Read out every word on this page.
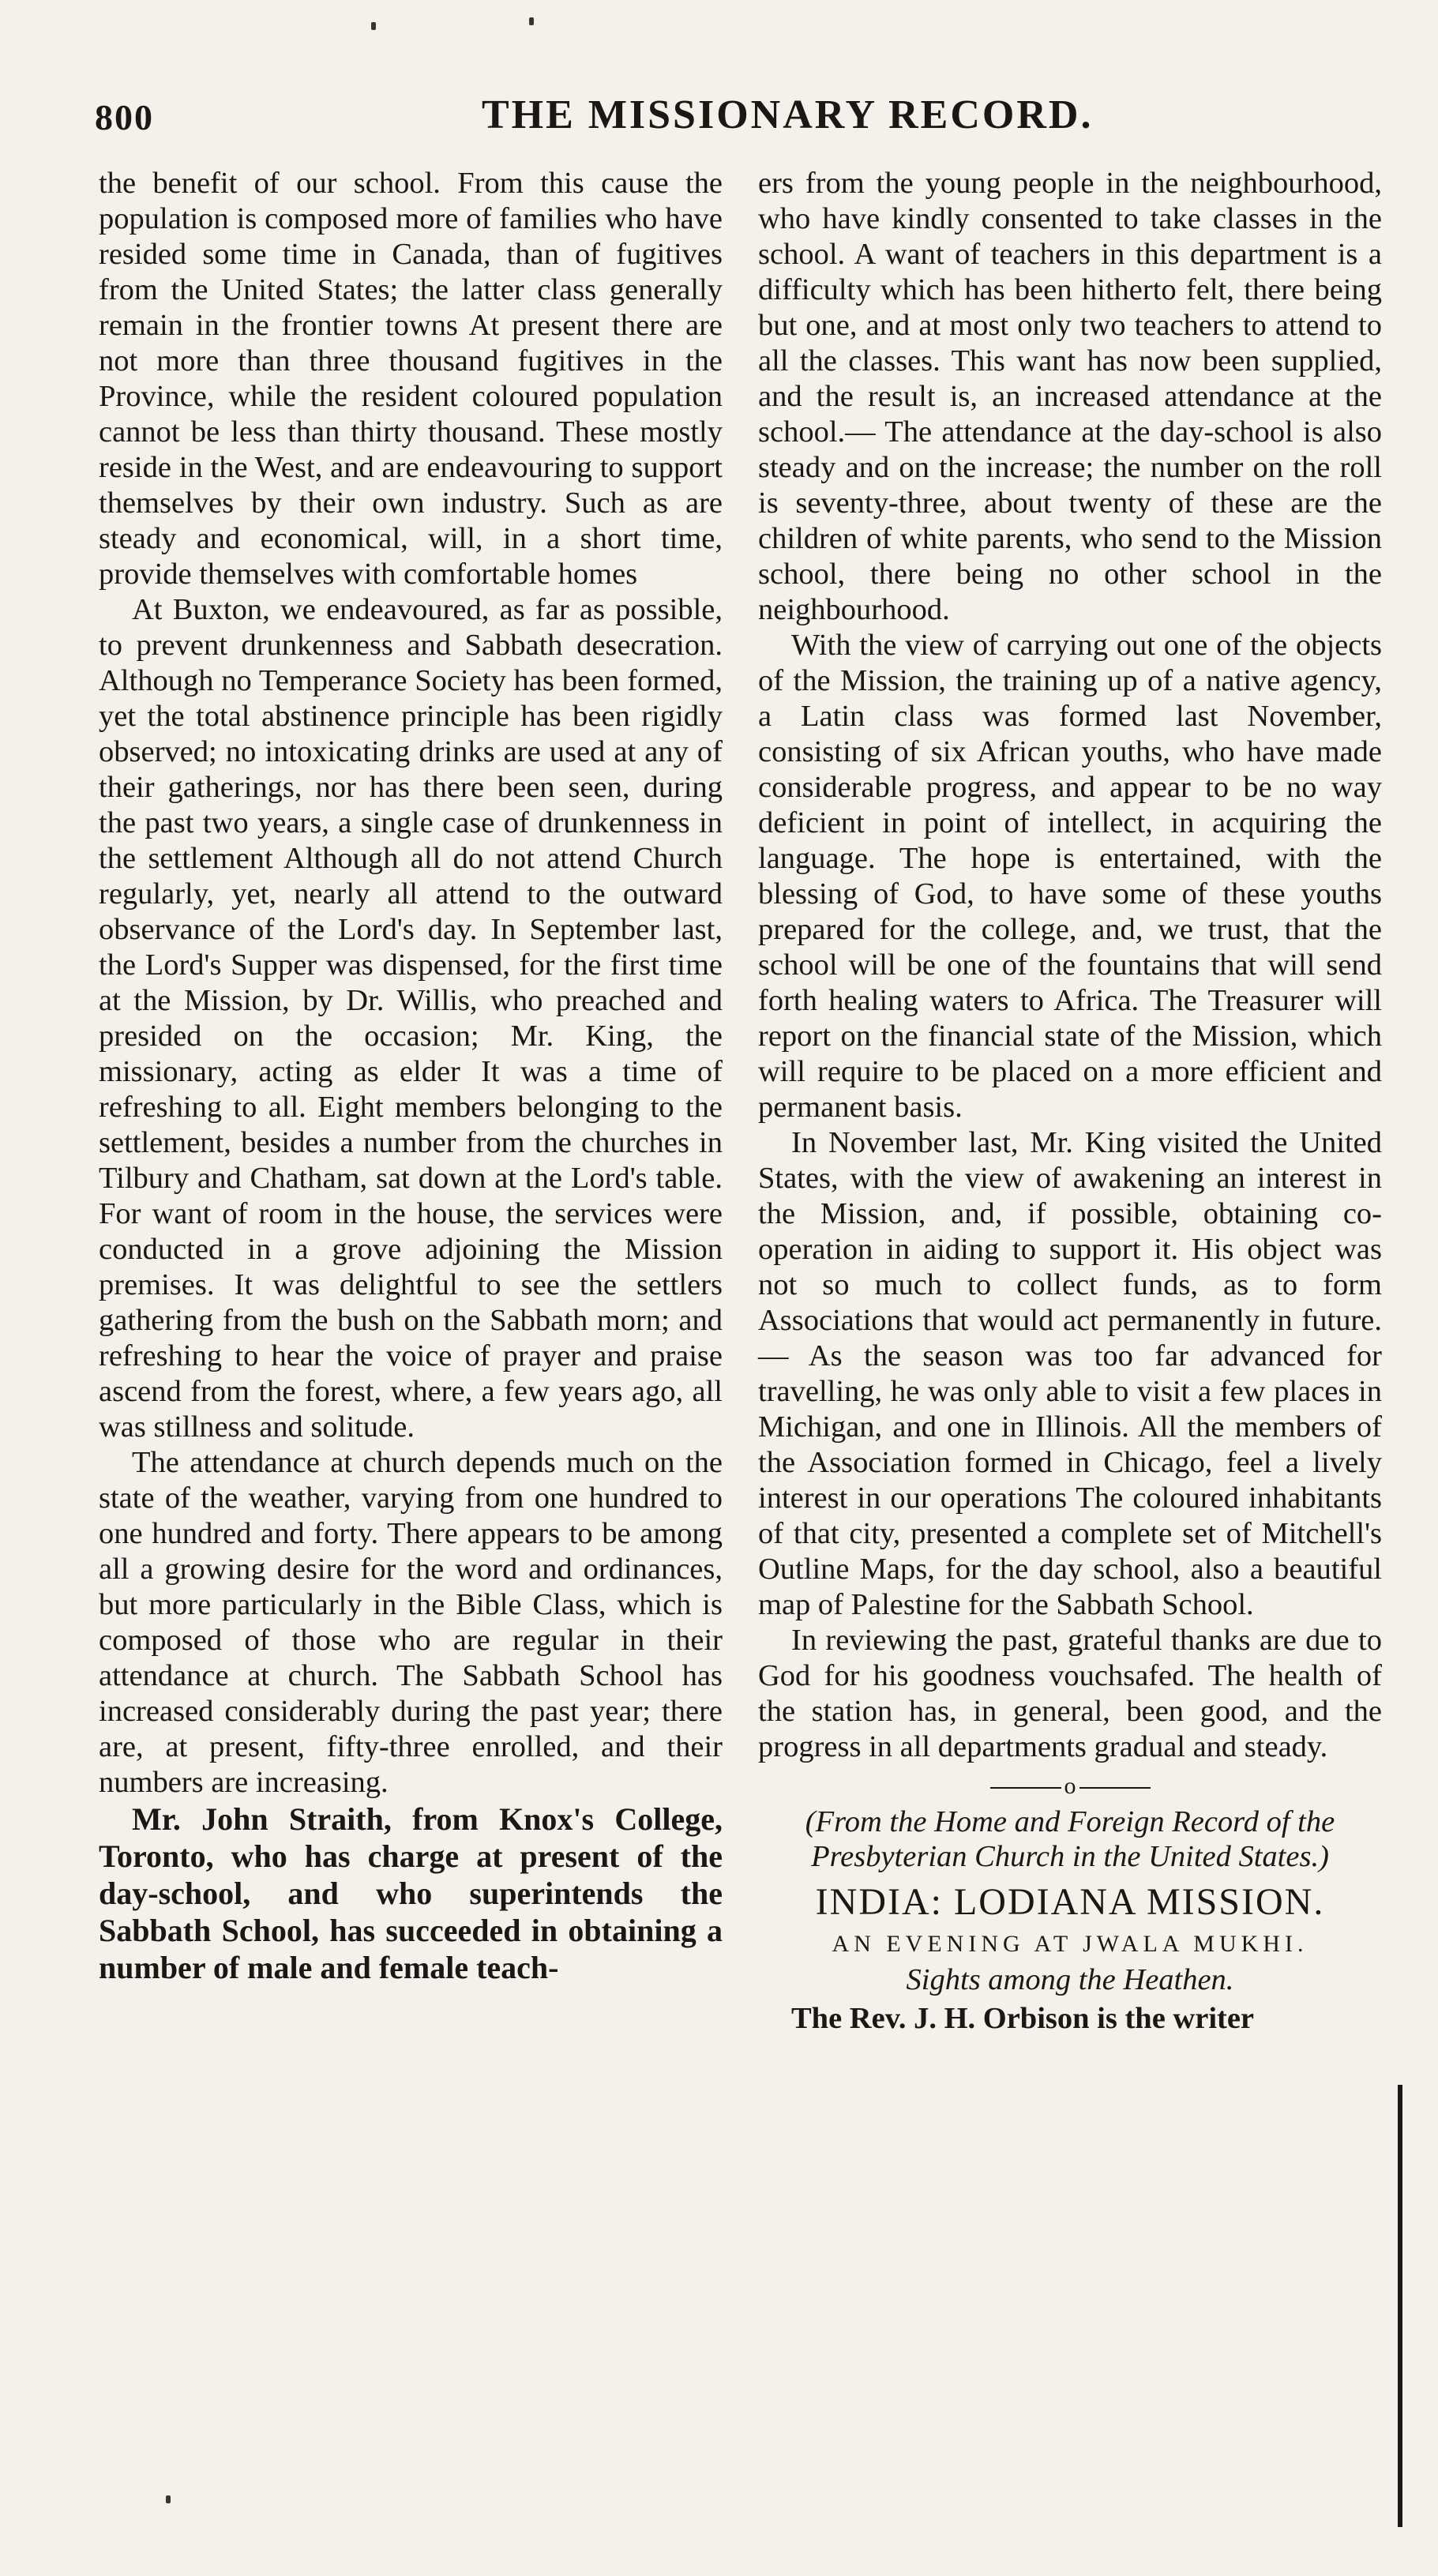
800	THE MISSIONARY RECORD.

the benefit of our school. From this cause the population is composed more of families who have resided some time in Canada, than of fugitives from the United States; the latter class generally remain in the frontier towns At present there are not more than three thousand fugitives in the Province, while the resident coloured population cannot be less than thirty thousand. These mostly reside in the West, and are endeavouring to support themselves by their own industry. Such as are steady and economical, will, in a short time, provide themselves with comfortable homes

At Buxton, we endeavoured, as far as possible, to prevent drunkenness and Sabbath desecration. Although no Temperance Society has been formed, yet the total abstinence principle has been rigidly observed; no intoxicating drinks are used at any of their gatherings, nor has there been seen, during the past two years, a single case of drunkenness in the settlement Although all do not attend Church regularly, yet, nearly all attend to the outward observance of the Lord's day. In September last, the Lord's Supper was dispensed, for the first time at the Mission, by Dr. Willis, who preached and presided on the occasion; Mr. King, the missionary, acting as elder It was a time of refreshing to all. Eight members belonging to the settlement, besides a number from the churches in Tilbury and Chatham, sat down at the Lord's table. For want of room in the house, the services were conducted in a grove adjoining the Mission premises. It was delightful to see the settlers gathering from the bush on the Sabbath morn; and refreshing to hear the voice of prayer and praise ascend from the forest, where, a few years ago, all was stillness and solitude.

The attendance at church depends much on the state of the weather, varying from one hundred to one hundred and forty. There appears to be among all a growing desire for the word and ordinances, but more particularly in the Bible Class, which is composed of those who are regular in their attendance at church. The Sabbath School has increased considerably during the past year; there are, at present, fifty-three enrolled, and their numbers are increasing.

Mr. John Straith, from Knox's College, Toronto, who has charge at present of the day-school, and who superintends the Sabbath School, has succeeded in obtaining a number of male and female teach-

ers from the young people in the neighbourhood, who have kindly consented to take classes in the school. A want of teachers in this department is a difficulty which has been hitherto felt, there being but one, and at most only two teachers to attend to all the classes. This want has now been supplied, and the result is, an increased attendance at the school.— The attendance at the day-school is also steady and on the increase; the number on the roll is seventy-three, about twenty of these are the children of white parents, who send to the Mission school, there being no other school in the neighbourhood.

With the view of carrying out one of the objects of the Mission, the training up of a native agency, a Latin class was formed last November, consisting of six African youths, who have made considerable progress, and appear to be no way deficient in point of intellect, in acquiring the language. The hope is entertained, with the blessing of God, to have some of these youths prepared for the college, and, we trust, that the school will be one of the fountains that will send forth healing waters to Africa. The Treasurer will report on the financial state of the Mission, which will require to be placed on a more efficient and permanent basis.

In November last, Mr. King visited the United States, with the view of awakening an interest in the Mission, and, if possible, obtaining co-operation in aiding to support it. His object was not so much to collect funds, as to form Associations that would act permanently in future.— As the season was too far advanced for travelling, he was only able to visit a few places in Michigan, and one in Illinois. All the members of the Association formed in Chicago, feel a lively interest in our operations The coloured inhabitants of that city, presented a complete set of Mitchell's Outline Maps, for the day school, also a beautiful map of Palestine for the Sabbath School.

In reviewing the past, grateful thanks are due to God for his goodness vouchsafed. The health of the station has, in general, been good, and the progress in all departments gradual and steady.

o

(From the Home and Foreign Record of the Presbyterian Church in the United States.)

INDIA: LODIANA MISSION.

AN EVENING AT JWALA MUKHI.

Sights among the Heathen.

The Rev. J. H. Orbison is the writer
